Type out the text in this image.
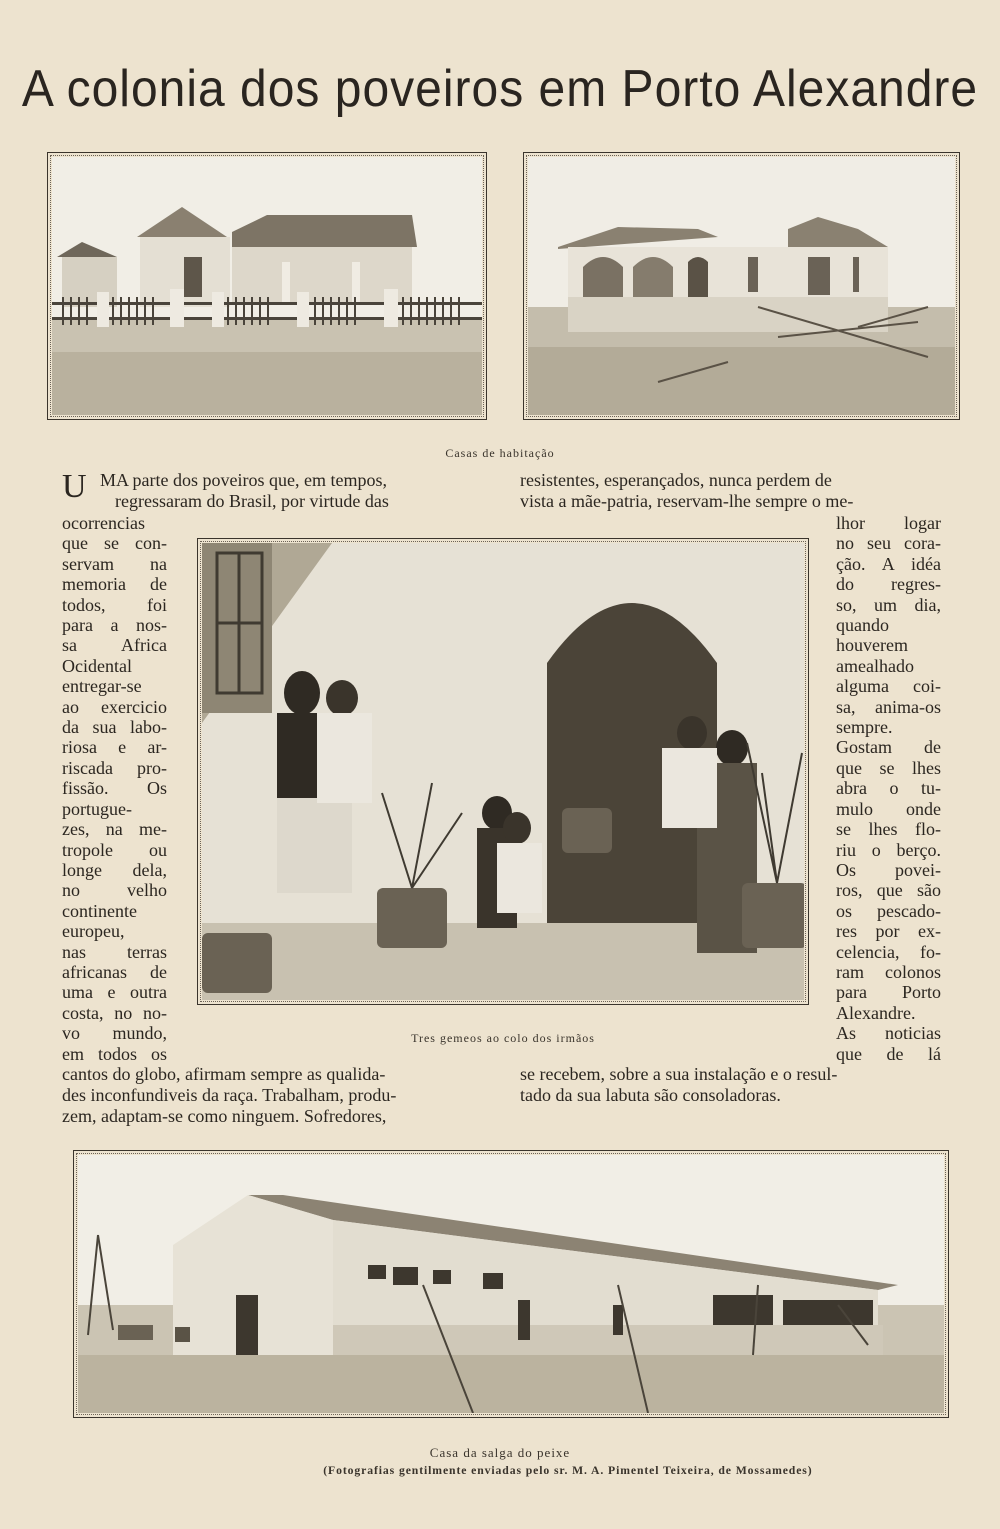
A colonia dos poveiros em Porto Alexandre
Casas de habitação
U MA parte dos poveiros que, em tempos,
regressaram do Brasil, por virtude das
resistentes, esperançados, nunca perdem de
vista a mãe-patria, reservam-lhe sempre o me-
ocorrencias
que se con-
servam na
memoria de
todos, foi
para a nos-
sa Africa
Ocidental
entregar-se
ao exercicio
da sua labo-
riosa e ar-
riscada pro-
fissão. Os
portugue-
zes, na me-
tropole ou
longe dela,
no velho
continente
europeu,
nas terras
africanas de
uma e outra
costa, no no-
vo mundo,
em todos os
lhor logar
no seu cora-
ção. A idéa
do regres-
so, um dia,
quando
houverem
amealhado
alguma coi-
sa, anima-os
sempre.
Gostam de
que se lhes
abra o tu-
mulo onde
se lhes flo-
riu o berço.
Os povei-
ros, que são
os pescado-
res por ex-
celencia, fo-
ram colonos
para Porto
Alexandre.
As noticias
que de lá
Tres gemeos ao colo dos irmãos
cantos do globo, afirmam sempre as qualida-
des inconfundiveis da raça. Trabalham, produ-
zem, adaptam-se como ninguem. Sofredores,
se recebem, sobre a sua instalação e o resul-
tado da sua labuta são consoladoras.
Casa da salga do peixe
(Fotografias gentilmente enviadas pelo sr. M. A. Pimentel Teixeira, de Mossamedes)
